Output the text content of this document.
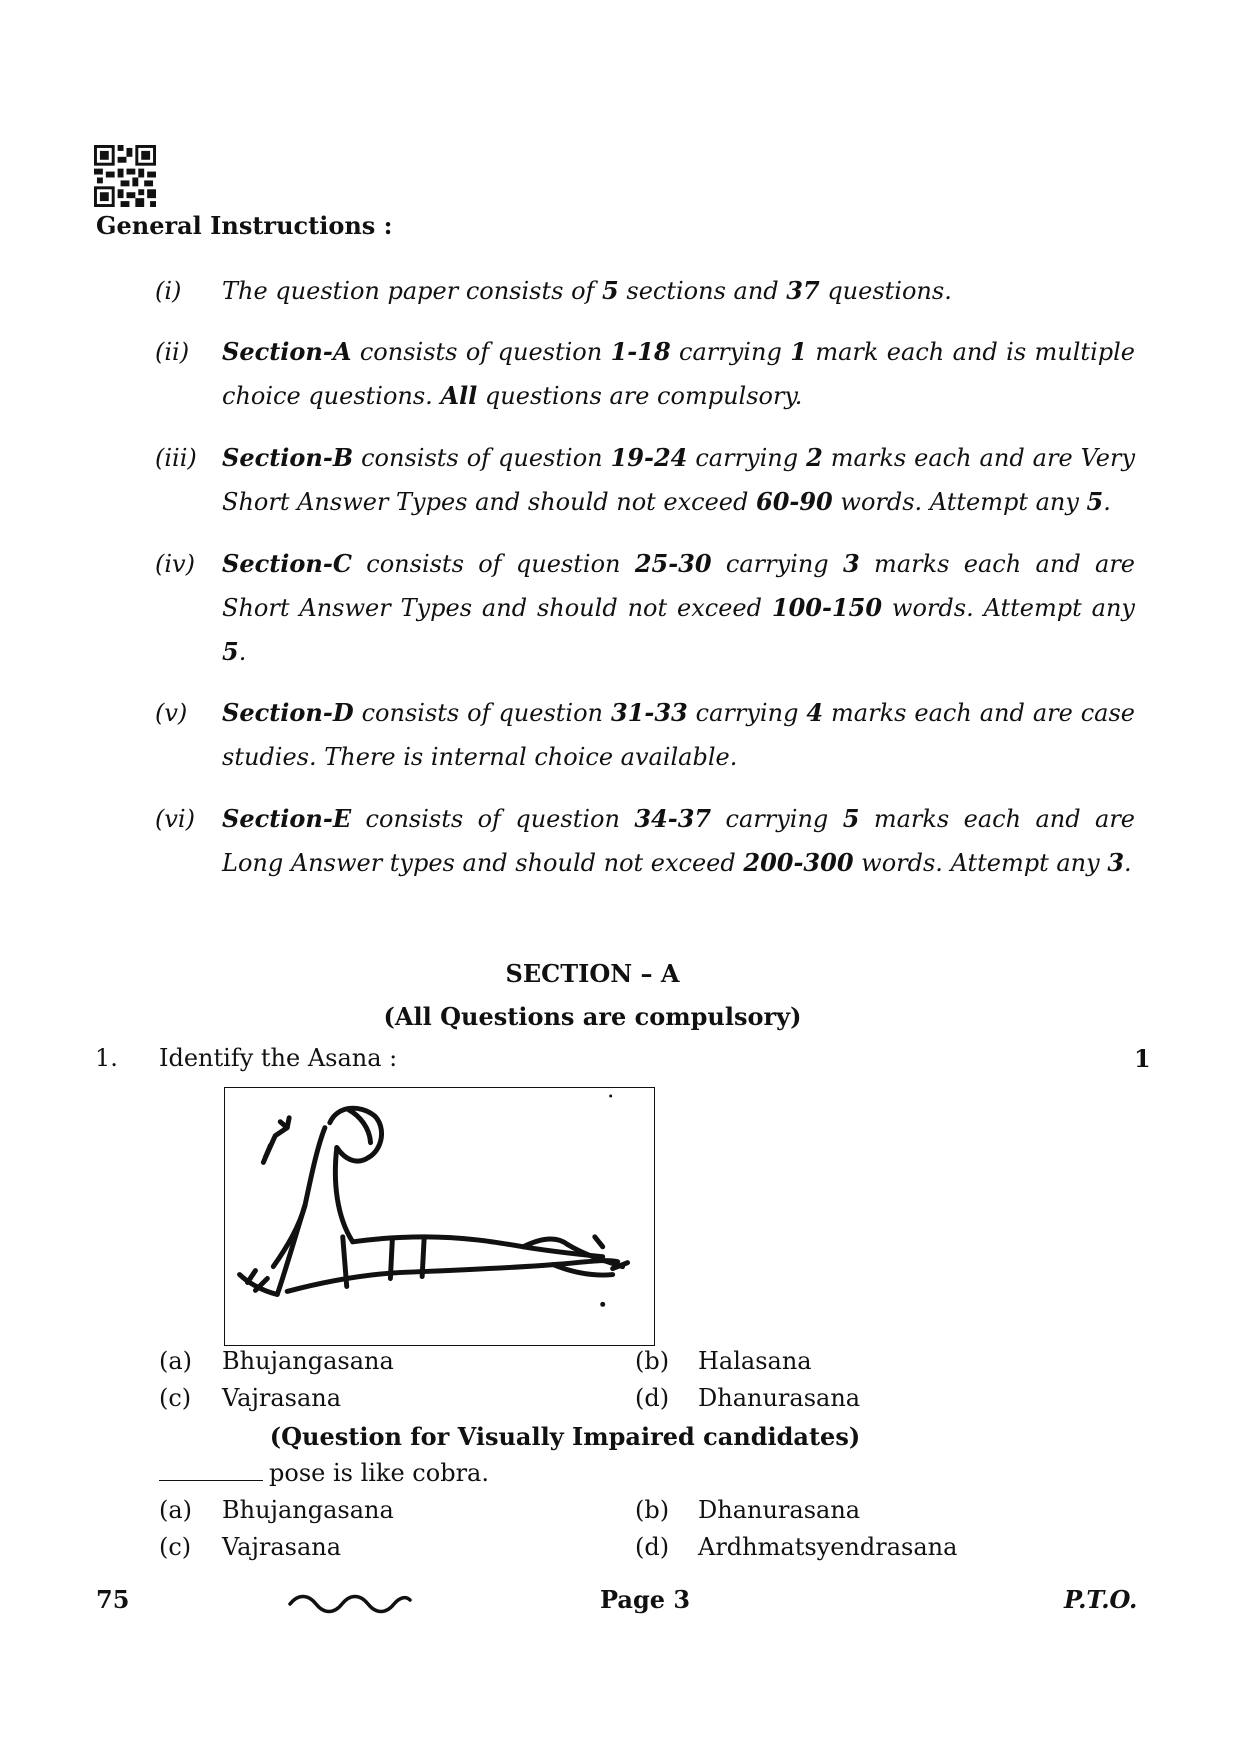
General Instructions :
(i) The question paper consists of 5 sections and 37 questions.
(ii) Section-A consists of question 1-18 carrying 1 mark each and is multiple choice questions. All questions are compulsory.
(iii) Section-B consists of question 19-24 carrying 2 marks each and are Very Short Answer Types and should not exceed 60-90 words. Attempt any 5.
(iv) Section-C consists of question 25-30 carrying 3 marks each and are Short Answer Types and should not exceed 100-150 words. Attempt any 5.
(v) Section-D consists of question 31-33 carrying 4 marks each and are case studies. There is internal choice available.
(vi) Section-E consists of question 34-37 carrying 5 marks each and are Long Answer types and should not exceed 200-300 words. Attempt any 3.
SECTION – A
(All Questions are compulsory)
1. Identify the Asana :	1
(a) Bhujangasana	(b) Halasana
(c) Vajrasana	(d) Dhanurasana
(Question for Visually Impaired candidates)
pose is like cobra.
(a) Bhujangasana	(b) Dhanurasana
(c) Vajrasana	(d) Ardhmatsyendrasana
75	Page 3	P.T.O.
